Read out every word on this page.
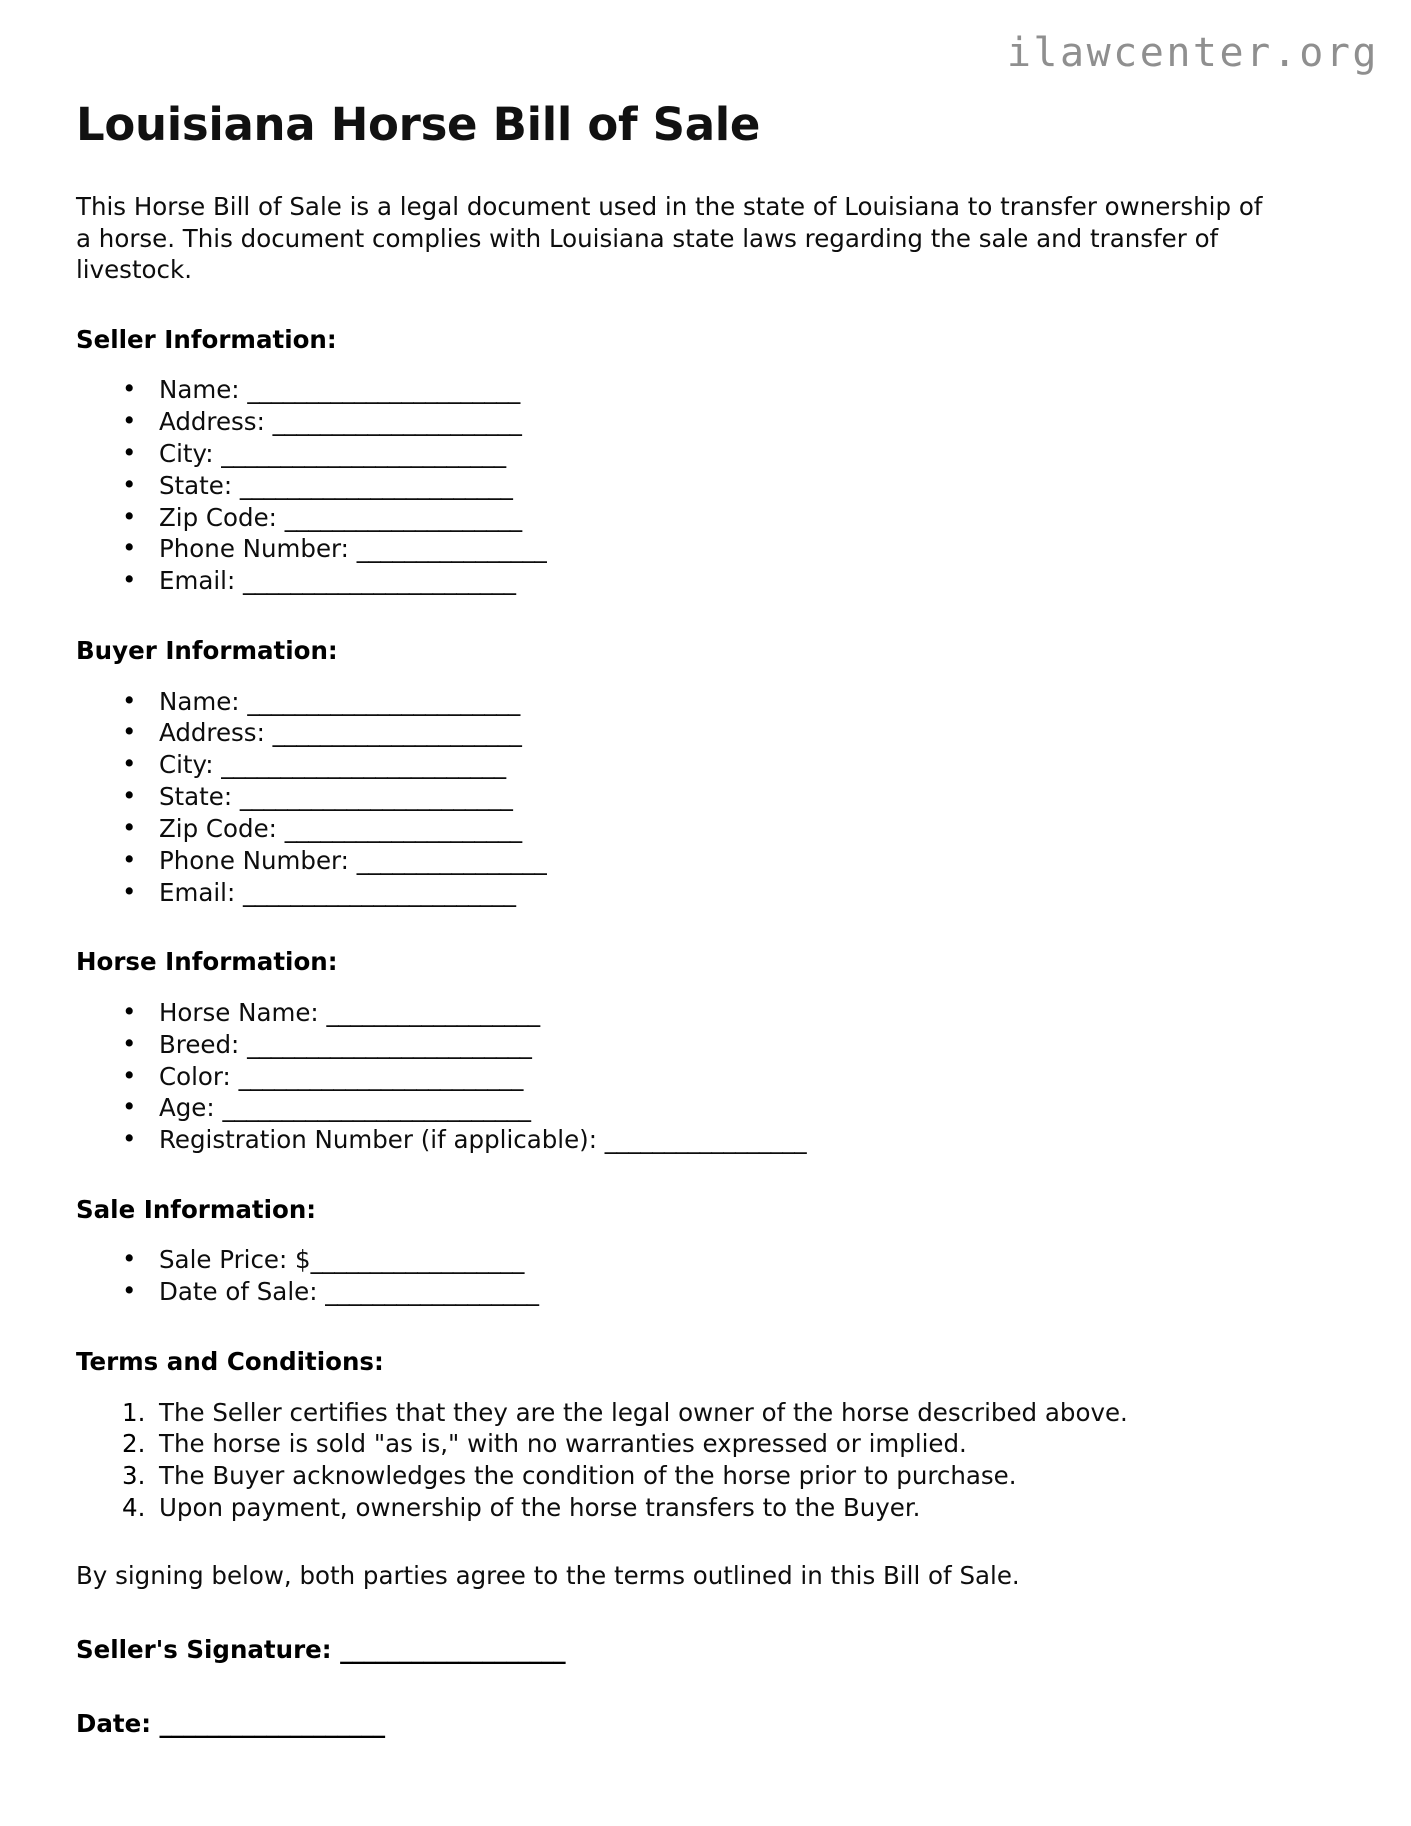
ilawcenter.org
Louisiana Horse Bill of Sale

This Horse Bill of Sale is a legal document used in the state of Louisiana to transfer ownership of a horse. This document complies with Louisiana state laws regarding the sale and transfer of livestock.

Seller Information:
• Name: _______________________
• Address: _____________________
• City: ________________________
• State: _______________________
• Zip Code: ____________________
• Phone Number: ________________
• Email: _______________________
Buyer Information:
• Name: _______________________
• Address: _____________________
• City: ________________________
• State: _______________________
• Zip Code: ____________________
• Phone Number: ________________
• Email: _______________________
Horse Information:
• Horse Name: __________________
• Breed: ________________________
• Color: ________________________
• Age: __________________________
• Registration Number (if applicable): _________________
Sale Information:
• Sale Price: $__________________
• Date of Sale: __________________
Terms and Conditions:
The Seller certifies that they are the legal owner of the horse described above.
The horse is sold "as is," with no warranties expressed or implied.
The Buyer acknowledges the condition of the horse prior to purchase.
Upon payment, ownership of the horse transfers to the Buyer.

By signing below, both parties agree to the terms outlined in this Bill of Sale.

Seller's Signature: ___________________

Date: ___________________
